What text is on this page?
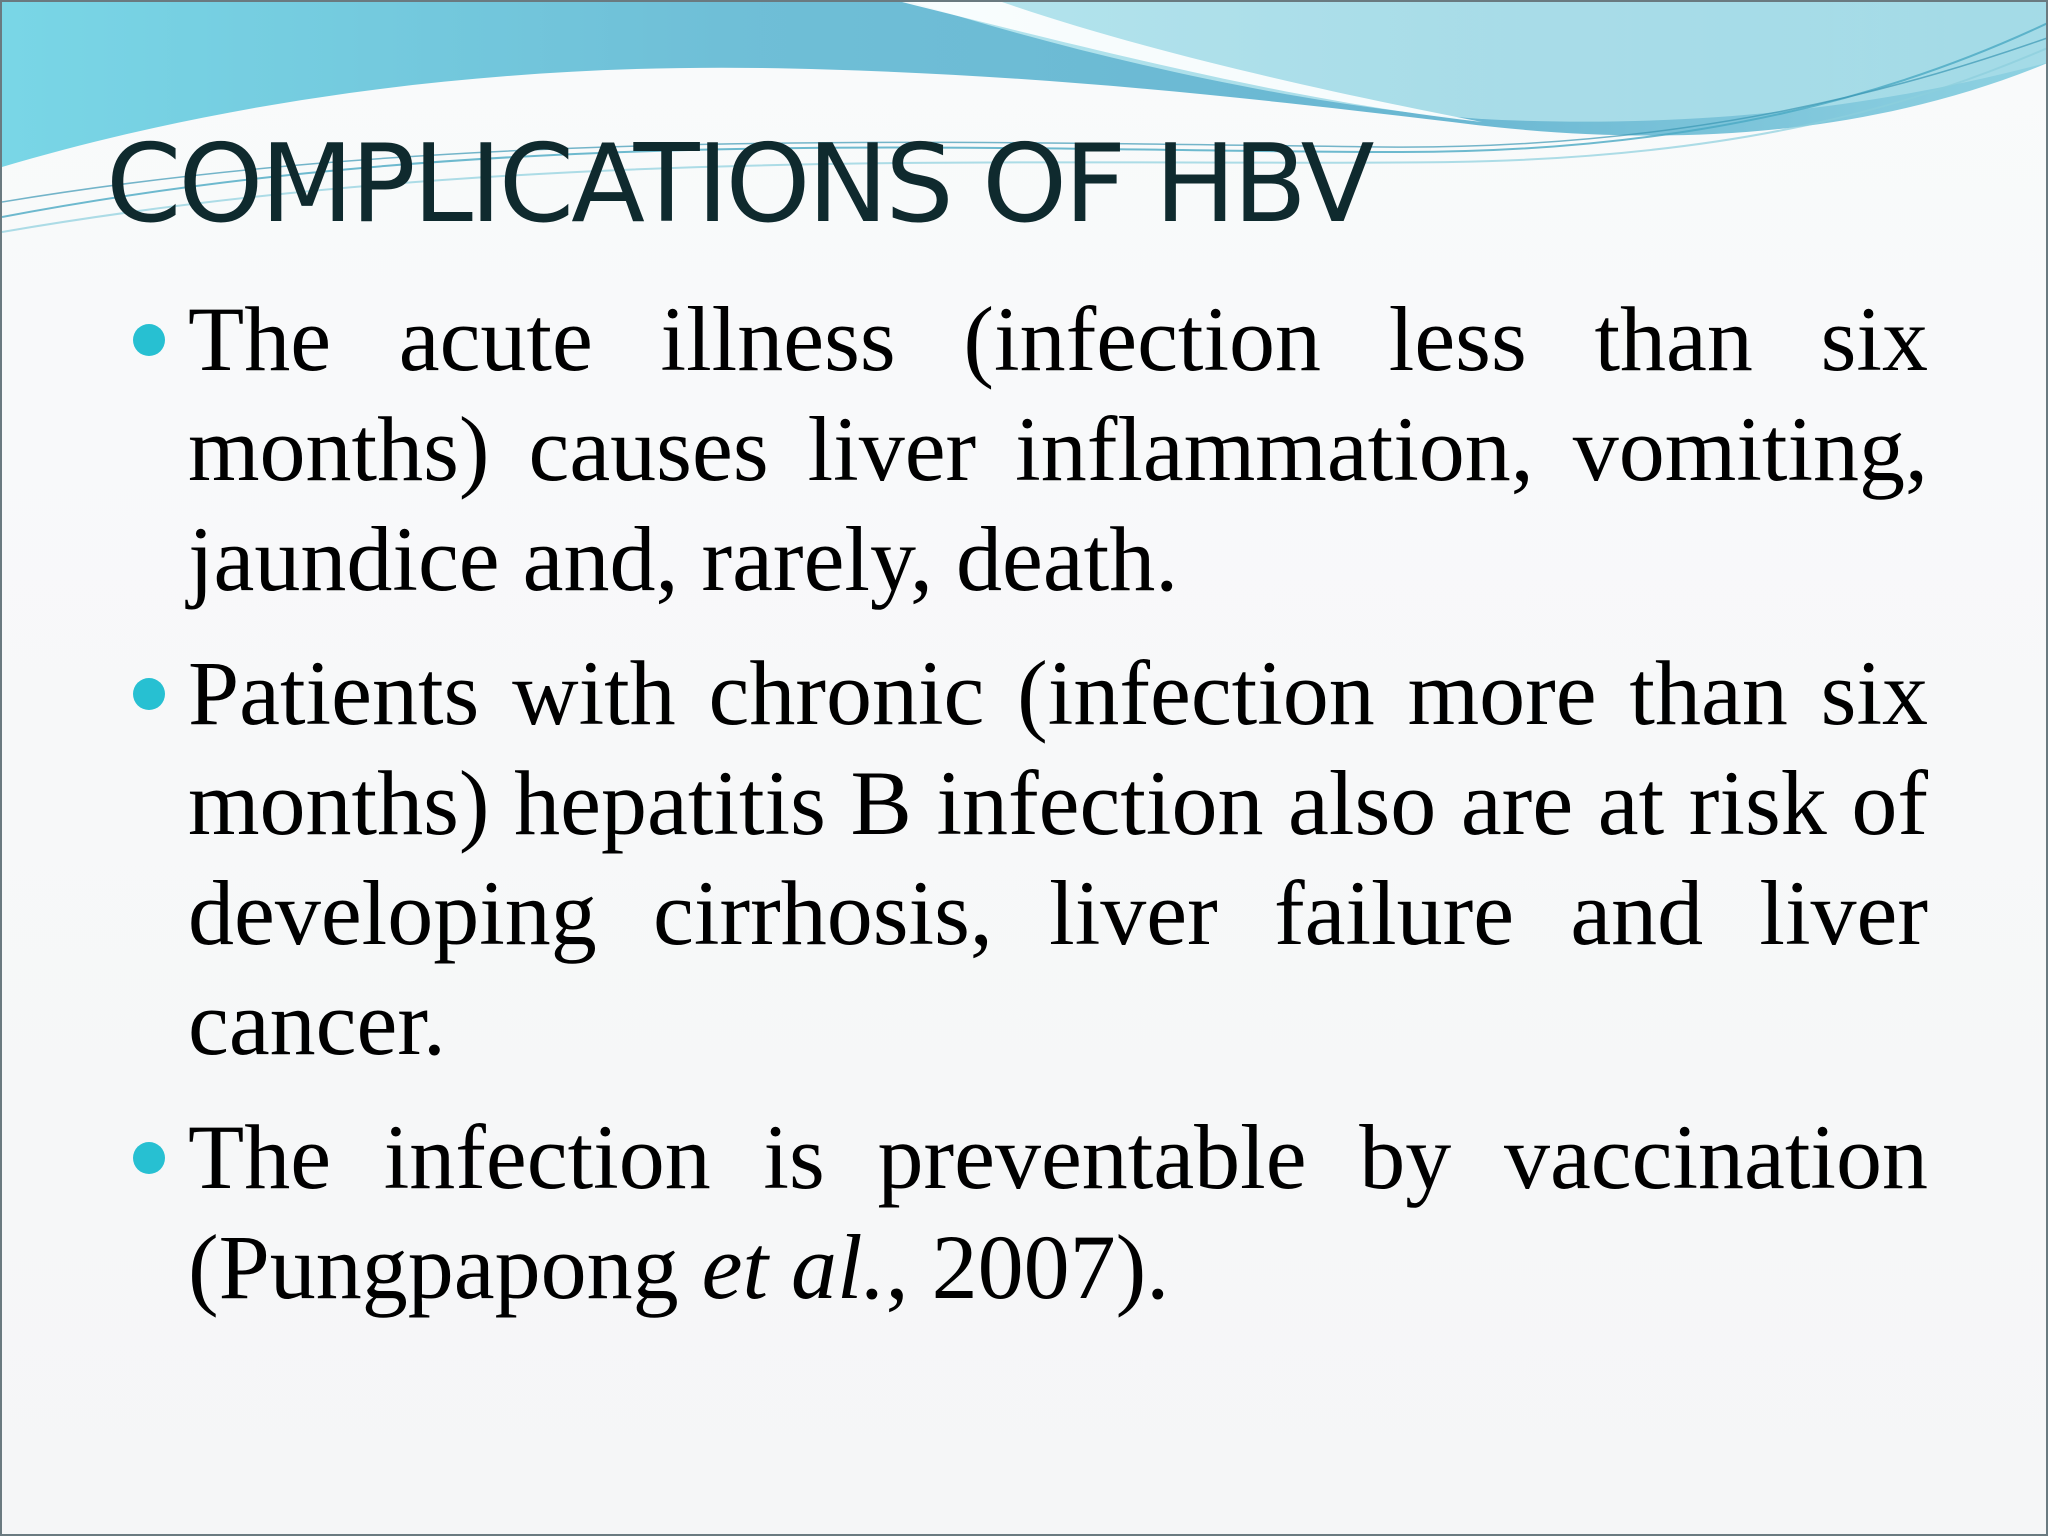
COMPLICATIONS OF HBV
The acute illness (infection less than six months) causes liver inflammation, vomiting, jaundice and, rarely, death.
Patients with chronic (infection more than six months) hepatitis B infection also are at risk of developing cirrhosis, liver failure and liver cancer.
The infection is preventable by vaccination (Pungpapong et al., 2007).
